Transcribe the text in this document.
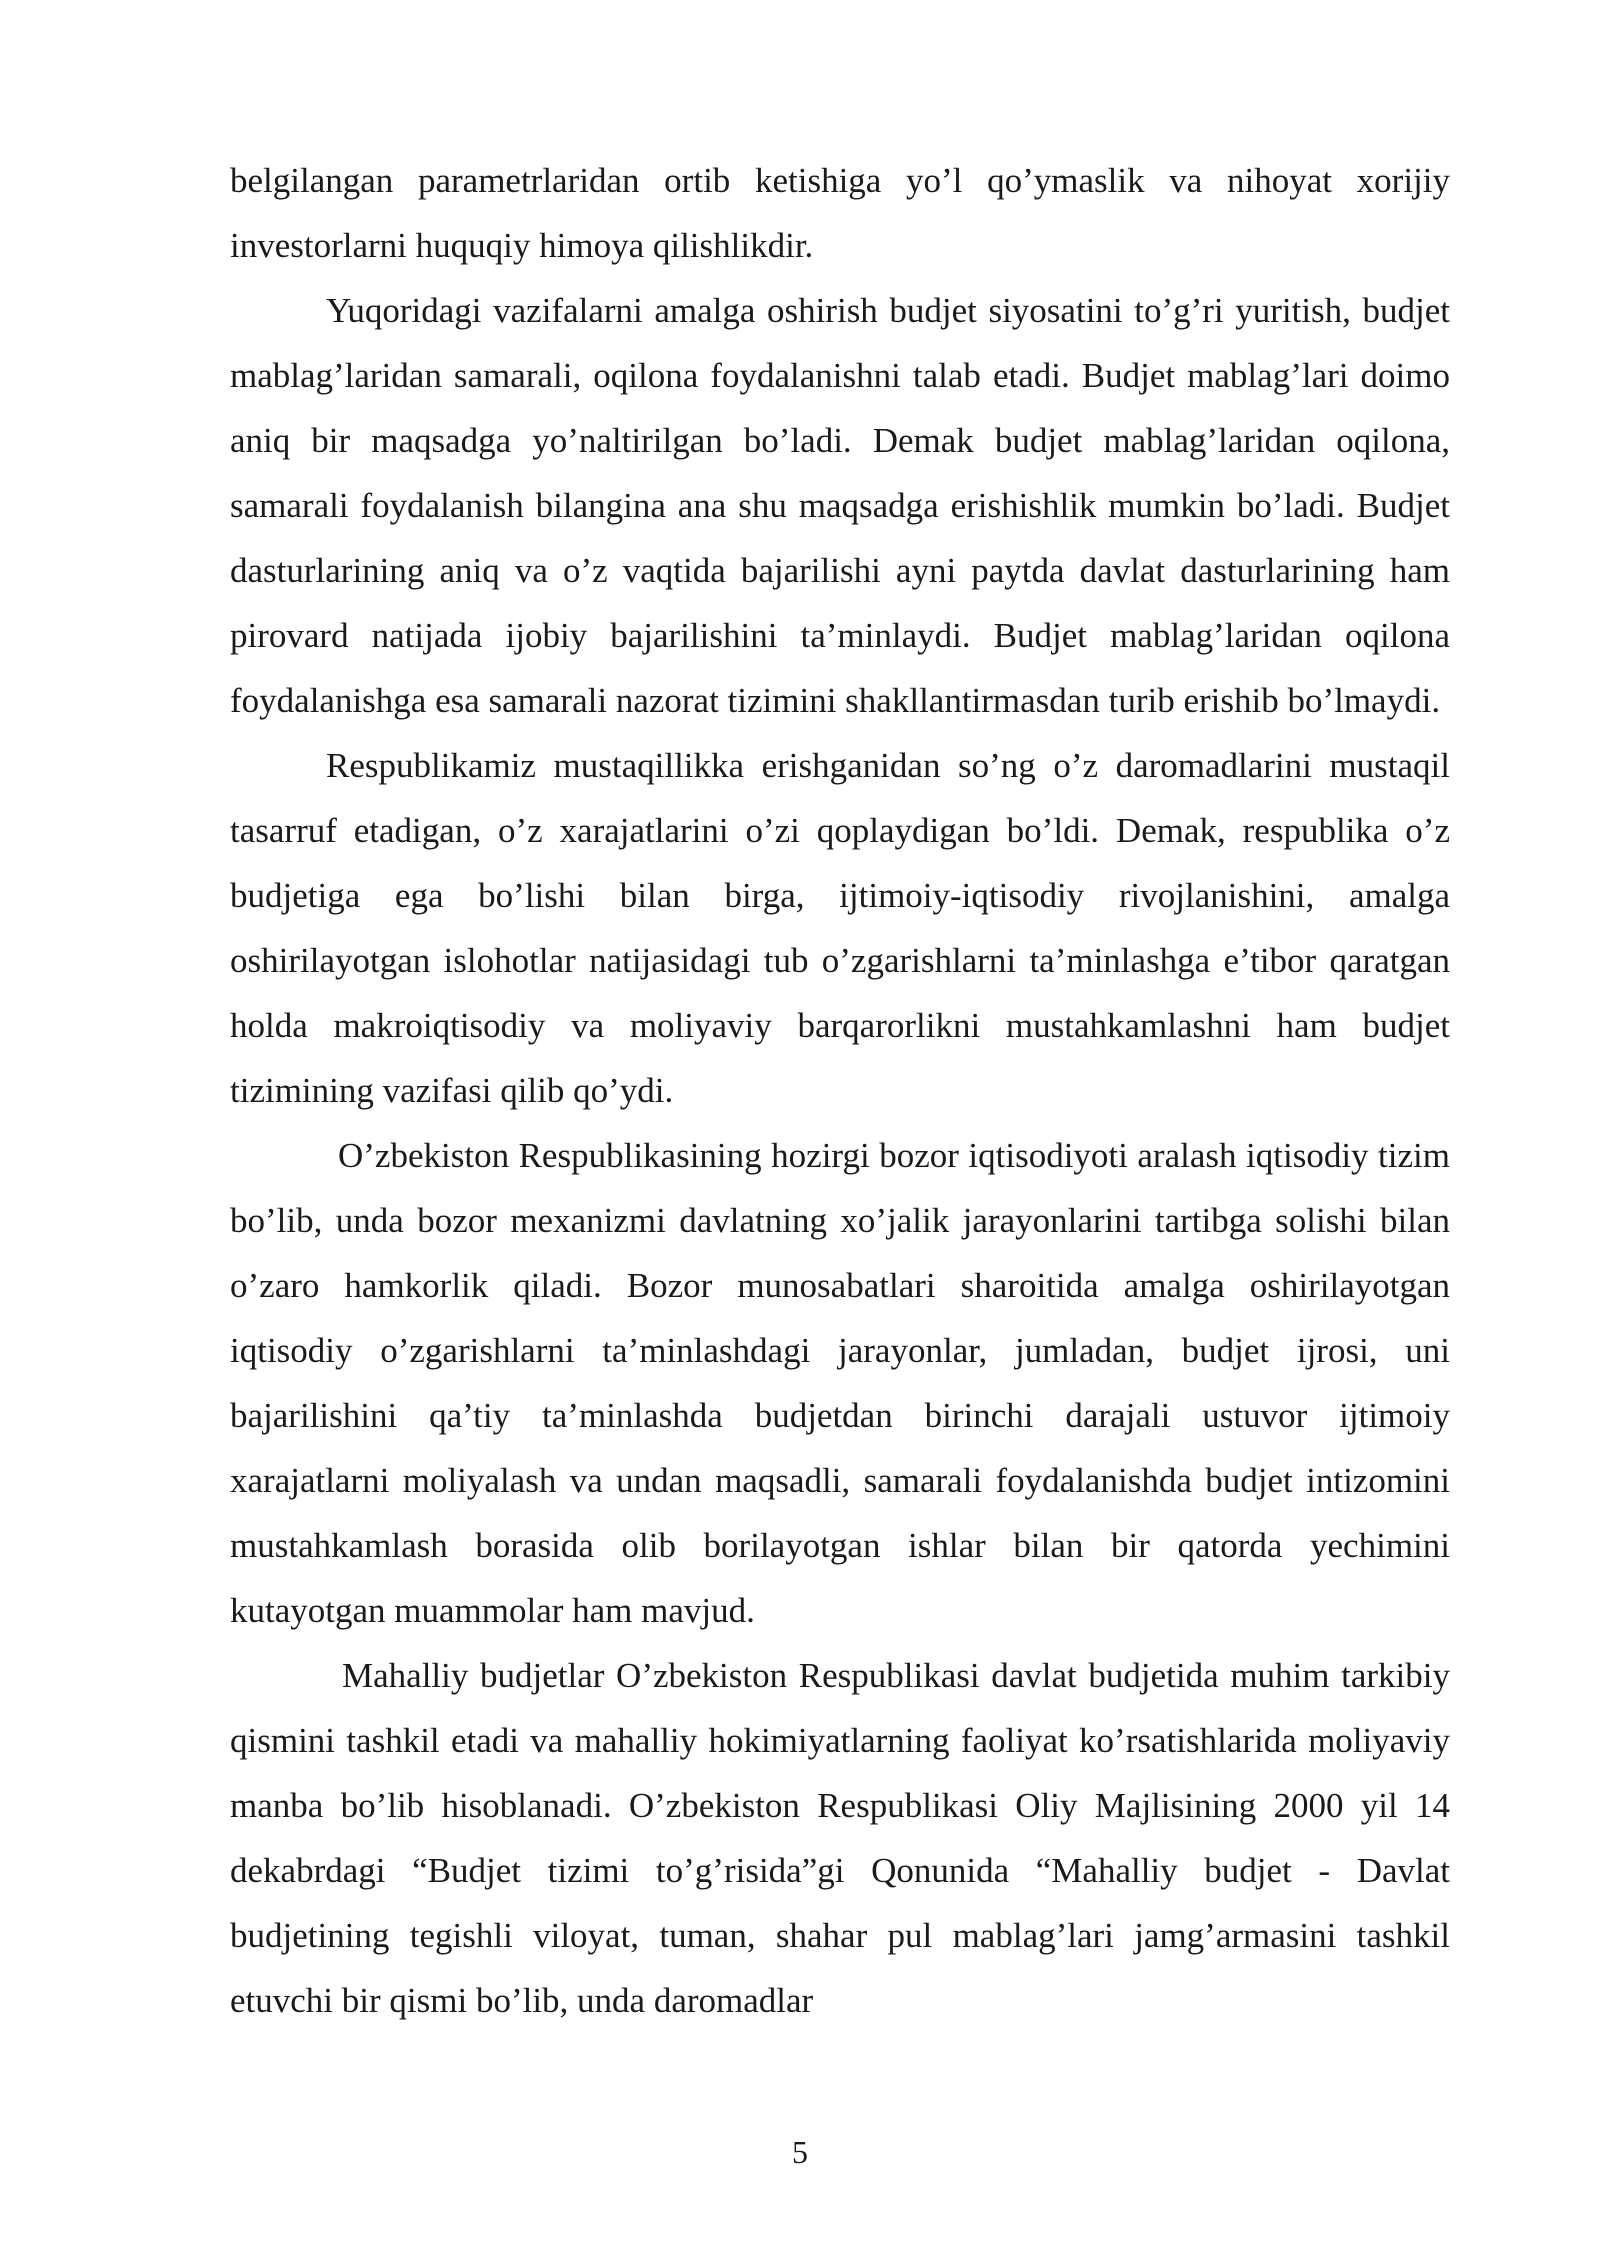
belgilangan parametrlaridan ortib ketishiga yo’l qo’ymaslik va nihoyat xorijiy investorlarni huquqiy himoya qilishlikdir.

Yuqoridagi vazifalarni amalga oshirish budjet siyosatini to’g’ri yuritish, budjet mablag’laridan samarali, oqilona foydalanishni talab etadi. Budjet mablag’lari doimo aniq bir maqsadga yo’naltirilgan bo’ladi. Demak budjet mablag’laridan oqilona, samarali foydalanish bilangina ana shu maqsadga erishishlik mumkin bo’ladi. Budjet dasturlarining aniq va o’z vaqtida bajarilishi ayni paytda davlat dasturlarining ham pirovard natijada ijobiy bajarilishini ta’minlaydi. Budjet mablag’laridan oqilona foydalanishga esa samarali nazorat tizimini shakllantirmasdan turib erishib bo’lmaydi.

Respublikamiz mustaqillikka erishganidan so’ng o’z daromadlarini mustaqil tasarruf etadigan, o’z xarajatlarini o’zi qoplaydigan bo’ldi. Demak, respublika o’z budjetiga ega bo’lishi bilan birga, ijtimoiy-iqtisodiy rivojlanishini, amalga oshirilayotgan islohotlar natijasidagi tub o’zgarishlarni ta’minlashga e’tibor qaratgan holda makroiqtisodiy va moliyaviy barqarorlikni mustahkamlashni ham budjet tizimining vazifasi qilib qo’ydi.

O’zbekiston Respublikasining hozirgi bozor iqtisodiyoti aralash iqtisodiy tizim bo’lib, unda bozor mexanizmi davlatning xo’jalik jarayonlarini tartibga solishi bilan o’zaro hamkorlik qiladi. Bozor munosabatlari sharoitida amalga oshirilayotgan iqtisodiy o’zgarishlarni ta’minlashdagi jarayonlar, jumladan, budjet ijrosi, uni bajarilishini qa’tiy ta’minlashda budjetdan birinchi darajali ustuvor ijtimoiy xarajatlarni moliyalash va undan maqsadli, samarali foydalanishda budjet intizomini mustahkamlash borasida olib borilayotgan ishlar bilan bir qatorda yechimini kutayotgan muammolar ham mavjud.

Mahalliy budjetlar O’zbekiston Respublikasi davlat budjetida muhim tarkibiy qismini tashkil etadi va mahalliy hokimiyatlarning faoliyat ko’rsatishlarida moliyaviy manba bo’lib hisoblanadi. O’zbekiston Respublikasi Oliy Majlisining 2000 yil 14 dekabrdagi “Budjet tizimi to’g’risida”gi Qonunida “Mahalliy budjet - Davlat budjetining tegishli viloyat, tuman, shahar pul mablag’lari jamg’armasini tashkil etuvchi bir qismi bo’lib, unda daromadlar

5
